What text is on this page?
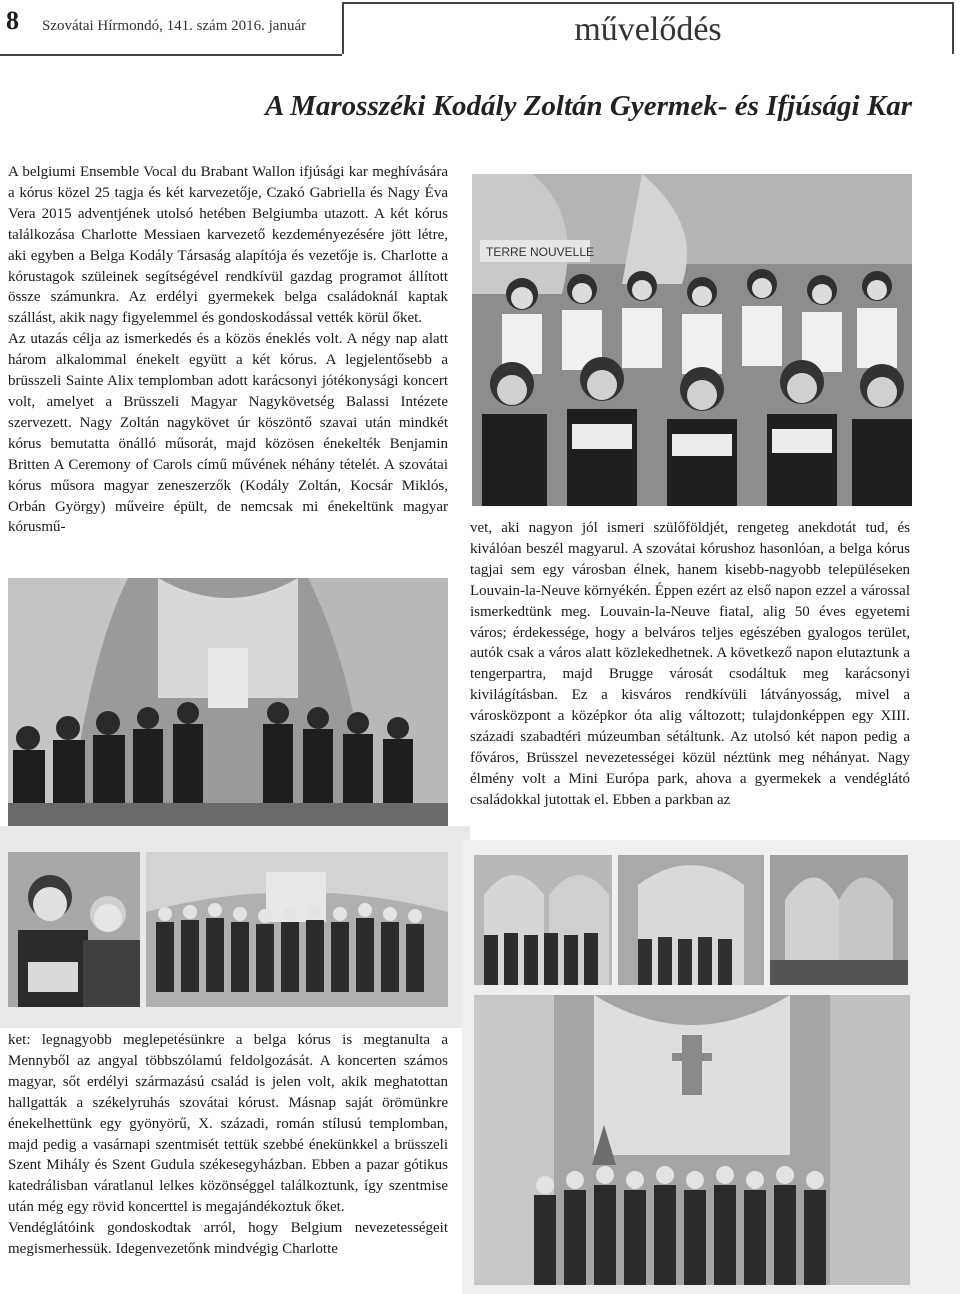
8 Szovátai Hírmondó, 141. szám 2016. január	művelődés
A Marosszéki Kodály Zoltán Gyermek- és Ifjúsági Kar

A belgiumi Ensemble Vocal du Brabant Wallon ifjúsági kar meghívására a kórus közel 25 tagja és két karvezetője, Czakó Gabriella és Nagy Éva Vera 2015 adventjének utolsó hetében Belgiumba utazott. A két kórus találkozása Charlotte Messiaen karvezető kezdeményezésére jött létre, aki egyben a Belga Kodály Társaság alapítója és vezetője is. Charlotte a kórustagok szüleinek segítségével rendkívül gazdag programot állított össze számunkra. Az erdélyi gyermekek belga családoknál kaptak szállást, akik nagy figyelemmel és gondoskodással vették körül őket.

Az utazás célja az ismerkedés és a közös éneklés volt. A négy nap alatt három alkalommal énekelt együtt a két kórus. A legjelentősebb a brüsszeli Sainte Alix templomban adott karácsonyi jótékonysági koncert volt, amelyet a Brüsszeli Magyar Nagykövetség Balassi Intézete szervezett. Nagy Zoltán nagykövet úr köszöntő szavai után mindkét kórus bemutatta önálló műsorát, majd közösen énekelték Benjamin Britten A Ceremony of Carols című művének néhány tételét. A szovátai kórus műsora magyar zeneszerzők (Kodály Zoltán, Kocsár Miklós, Orbán György) műveire épült, de nemcsak mi énekeltünk magyar kórusmű-

TERRE NOUVELLE

vet, aki nagyon jól ismeri szülőföldjét, rengeteg anekdotát tud, és kiválóan beszél magyarul. A szovátai kórushoz hasonlóan, a belga kórus tagjai sem egy városban élnek, hanem kisebb-nagyobb településeken Louvain-la-Neuve környékén. Éppen ezért az első napon ezzel a várossal ismerkedtünk meg. Louvain-la-Neuve fiatal, alig 50 éves egyetemi város; érdekessége, hogy a belváros teljes egészében gyalogos terület, autók csak a város alatt közlekedhetnek. A következő napon elutaztunk a tengerpartra, majd Brugge városát csodáltuk meg karácsonyi kivilágításban. Ez a kisváros rendkívüli látványosság, mivel a városközpont a középkor óta alig változott; tulajdonképpen egy XIII. századi szabadtéri múzeumban sétáltunk. Az utolsó két napon pedig a főváros, Brüsszel nevezetességei közül néztünk meg néhányat. Nagy élmény volt a Mini Európa park, ahova a gyermekek a vendéglátó családokkal jutottak el. Ebben a parkban az

ket: legnagyobb meglepetésünkre a belga kórus is megtanulta a Mennyből az angyal többszólamú feldolgozását. A koncerten számos magyar, sőt erdélyi származású család is jelen volt, akik meghatottan hallgatták a székelyruhás szovátai kórust. Másnap saját örömünkre énekelhettünk egy gyönyörű, X. századi, román stílusú templomban, majd pedig a vasárnapi szentmisét tettük szebbé énekünkkel a brüsszeli Szent Mihály és Szent Gudula székesegyházban. Ebben a pazar gótikus katedrálisban váratlanul lelkes közönséggel találkoztunk, így szentmise után még egy rövid koncerttel is megajándékoztuk őket.

Vendéglátóink gondoskodtak arról, hogy Belgium nevezetességeit megismerhessük. Idegenvezetőnk mindvégig Charlotte
